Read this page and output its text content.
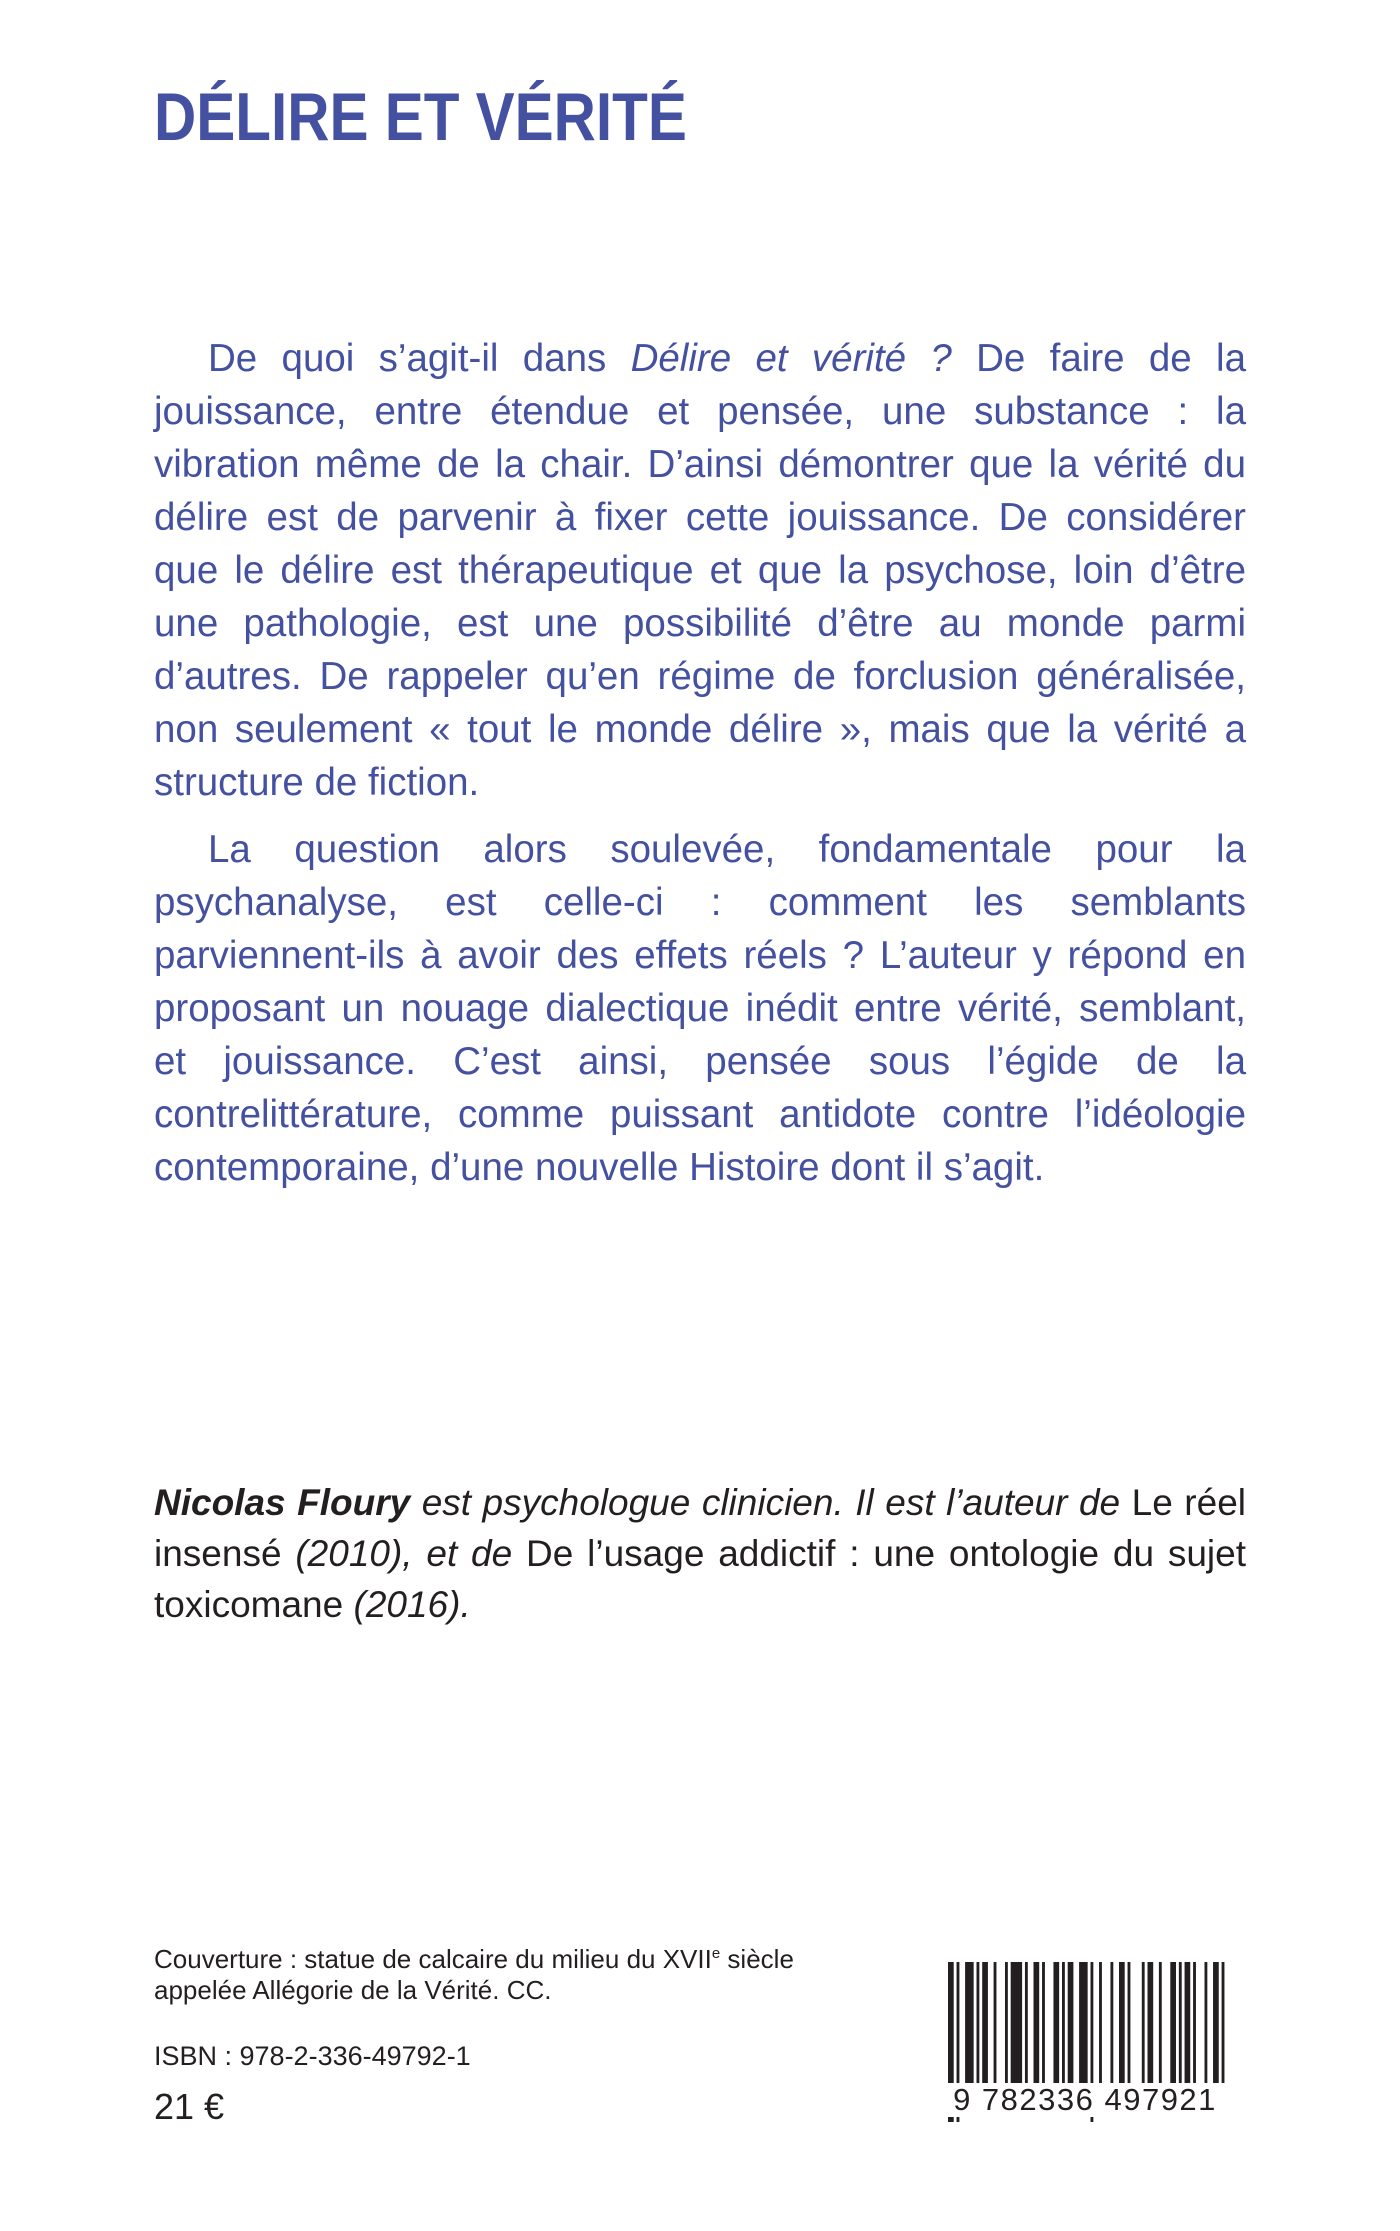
DÉLIRE ET VÉRITÉ

De quoi s’agit-il dans Délire et vérité ? De faire de la jouissance, entre étendue et pensée, une substance : la vibration même de la chair. D’ainsi démontrer que la vérité du délire est de parvenir à fixer cette jouissance. De considérer que le délire est thérapeutique et que la psychose, loin d’être une pathologie, est une possibilité d’être au monde parmi d’autres. De rappeler qu’en régime de forclusion généralisée, non seulement « tout le monde délire », mais que la vérité a structure de fiction.

La question alors soulevée, fondamentale pour la psychanalyse, est celle-ci : comment les semblants parviennent-ils à avoir des effets réels ? L’auteur y répond en proposant un nouage dialectique inédit entre vérité, semblant, et jouissance. C’est ainsi, pensée sous l’égide de la contrelittérature, comme puissant antidote contre l’idéologie contemporaine, d’une nouvelle Histoire dont il s’agit.

Nicolas Floury est psychologue clinicien. Il est l’auteur de Le réel insensé (2010), et de De l’usage addictif : une ontologie du sujet toxicomane (2016).
Couverture : statue de calcaire du milieu du XVIIe siècle
appelée Allégorie de la Vérité. CC.
ISBN : 978-2-336-49792-1
21 €	9 782336 497921
